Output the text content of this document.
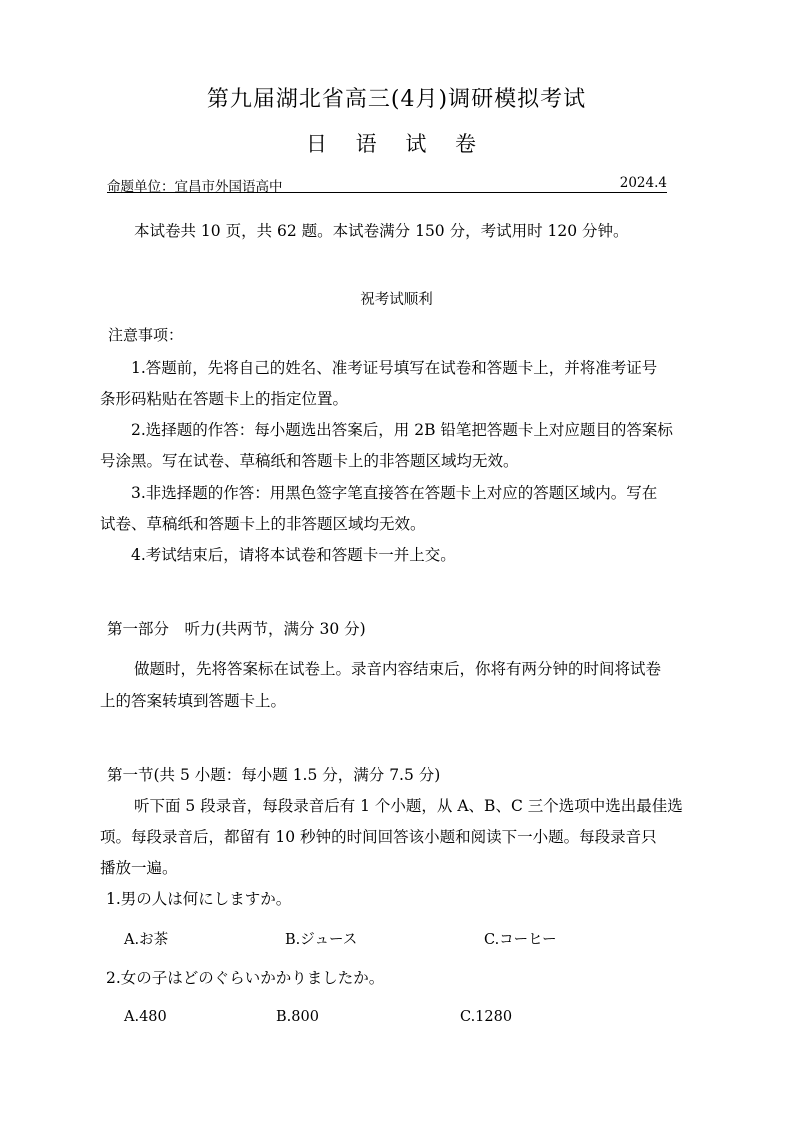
第九届湖北省高三(4月)调研模拟考试
日 语 试 卷
命题单位：宜昌市外国语高中	2024.4
本试卷共 10 页，共 62 题。本试卷满分 150 分，考试用时 120 分钟。
祝考试顺利
注意事项：
1.答题前，先将自己的姓名、准考证号填写在试卷和答题卡上，并将准考证号
条形码粘贴在答题卡上的指定位置。
2.选择题的作答：每小题选出答案后，用 2B 铅笔把答题卡上对应题目的答案标
号涂黑。写在试卷、草稿纸和答题卡上的非答题区域均无效。
3.非选择题的作答：用黑色签字笔直接答在答题卡上对应的答题区域内。写在
试卷、草稿纸和答题卡上的非答题区域均无效。
4.考试结束后，请将本试卷和答题卡一并上交。
第一部分　听力(共两节，满分 30 分)
做题时，先将答案标在试卷上。录音内容结束后，你将有两分钟的时间将试卷
上的答案转填到答题卡上。
第一节(共 5 小题：每小题 1.5 分，满分 7.5 分)
听下面 5 段录音，每段录音后有 1 个小题，从 A、B、C 三个选项中选出最佳选
项。每段录音后，都留有 10 秒钟的时间回答该小题和阅读下一小题。每段录音只
播放一遍。
1.男の人は何にしますか。
A.お茶	B.ジュース	C.コーヒー
2.女の子はどのぐらいかかりましたか。
A.480	B.800	C.1280
